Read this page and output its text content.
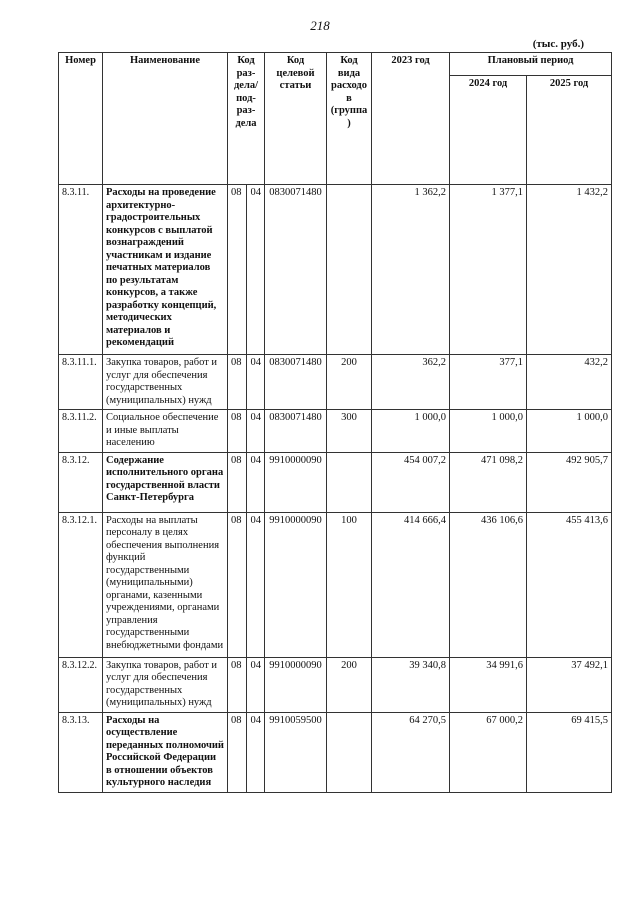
218
(тыс. руб.)
Номер	Наименование	Код раз- дела/ под- раз- дела		Код целевой статьи	Код вида расходов (группа)	2023 год	Плановый период	
							2024 год	2025 год
8.3.11.	Расходы на проведение архитектурно-градостроительных конкурсов с выплатой вознаграждений участникам и издание печатных материалов по результатам конкурсов, а также разработку концепций, методических материалов и рекомендаций	08	04	0830071480		1 362,2	1 377,1	1 432,2
8.3.11.1.	Закупка товаров, работ и услуг для обеспечения государственных (муниципальных) нужд	08	04	0830071480	200	362,2	377,1	432,2
8.3.11.2.	Социальное обеспечение и иные выплаты населению	08	04	0830071480	300	1 000,0	1 000,0	1 000,0
8.3.12.	Содержание исполнительного органа государственной власти Санкт-Петербурга	08	04	9910000090		454 007,2	471 098,2	492 905,7
8.3.12.1.	Расходы на выплаты персоналу в целях обеспечения выполнения функций государственными (муниципальными) органами, казенными учреждениями, органами управления государственными внебюджетными фондами	08	04	9910000090	100	414 666,4	436 106,6	455 413,6
8.3.12.2.	Закупка товаров, работ и услуг для обеспечения государственных (муниципальных) нужд	08	04	9910000090	200	39 340,8	34 991,6	37 492,1
8.3.13.	Расходы на осуществление переданных полномочий Российской Федерации в отношении объектов культурного наследия	08	04	9910059500		64 270,5	67 000,2	69 415,5
